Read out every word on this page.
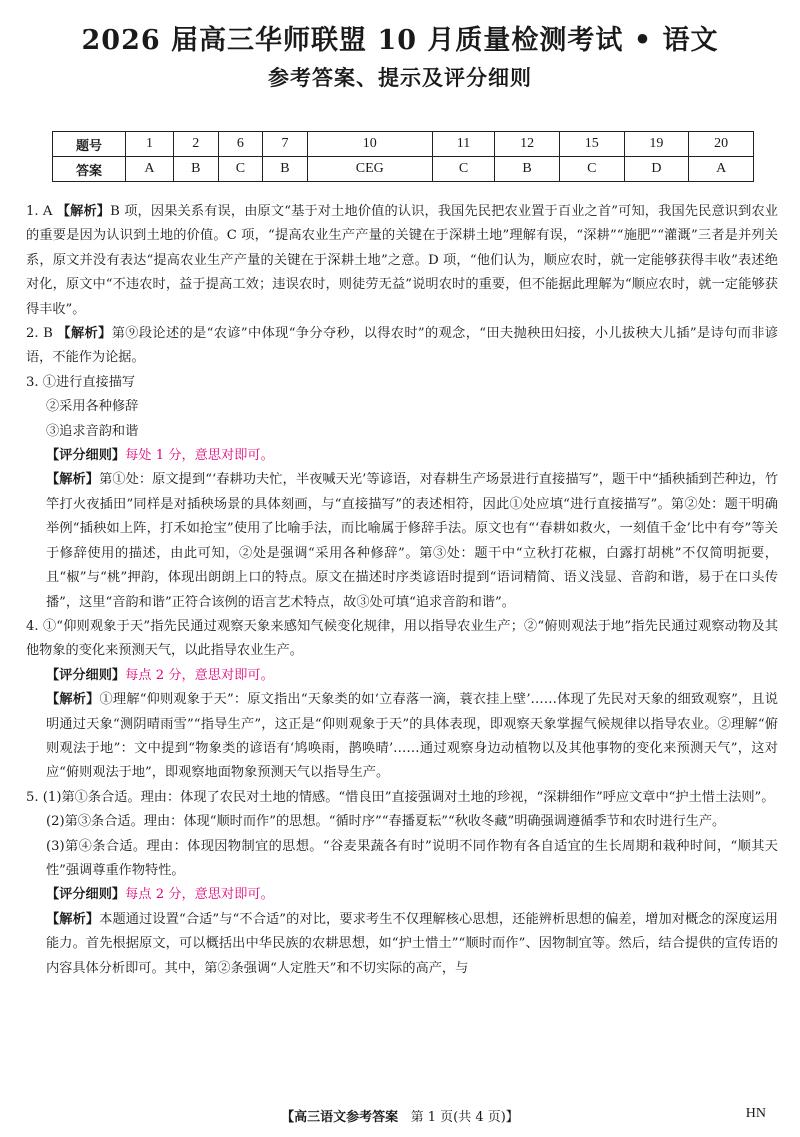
2026 届高三华师联盟 10 月质量检测考试 • 语文
参考答案、提示及评分细则
题号	1	2	6	7	10	11	12	15	19	20
答案	A	B	C	B	CEG	C	B	C	D	A

1. A 【解析】B 项，因果关系有误，由原文“基于对土地价值的认识，我国先民把农业置于百业之首”可知，我国先民意识到农业的重要是因为认识到土地的价值。C 项，“提高农业生产产量的关键在于深耕土地”理解有误，“深耕”“施肥”“灌溉”三者是并列关系，原文并没有表达“提高农业生产产量的关键在于深耕土地”之意。D 项，“他们认为，顺应农时，就一定能够获得丰收”表述绝对化，原文中“不违农时，益于提高工效；违误农时，则徒劳无益”说明农时的重要，但不能据此理解为“顺应农时，就一定能够获得丰收”。

2. B 【解析】第⑨段论述的是“农谚”中体现“争分夺秒，以得农时”的观念，“田夫抛秧田妇接，小儿拔秧大儿插”是诗句而非谚语，不能作为论据。

3. ①进行直接描写

②采用各种修辞

③追求音韵和谐

【评分细则】每处 1 分，意思对即可。

【解析】第①处：原文提到“‘春耕功夫忙，半夜喊天光’等谚语，对春耕生产场景进行直接描写”，题干中“插秧插到芒种边，竹竿打火夜插田”同样是对插秧场景的具体刻画，与“直接描写”的表述相符，因此①处应填“进行直接描写”。第②处：题干明确举例“插秧如上阵，打禾如抢宝”使用了比喻手法，而比喻属于修辞手法。原文也有“‘春耕如救火，一刻值千金’比中有夸”等关于修辞使用的描述，由此可知，②处是强调“采用各种修辞”。第③处：题干中“立秋打花椒，白露打胡桃”不仅简明扼要，且“椒”与“桃”押韵，体现出朗朗上口的特点。原文在描述时序类谚语时提到“语词精简、语义浅显、音韵和谐，易于在口头传播”，这里“音韵和谐”正符合该例的语言艺术特点，故③处可填“追求音韵和谐”。

4. ①“仰则观象于天”指先民通过观察天象来感知气候变化规律，用以指导农业生产；②“俯则观法于地”指先民通过观察动物及其他物象的变化来预测天气，以此指导农业生产。

【评分细则】每点 2 分，意思对即可。

【解析】①理解“仰则观象于天”：原文指出“天象类的如‘立春落一滴，蓑衣挂上壁’……体现了先民对天象的细致观察”，且说明通过天象“测阴晴雨雪”“指导生产”，这正是“仰则观象于天”的具体表现，即观察天象掌握气候规律以指导农业。②理解“俯则观法于地”：文中提到“物象类的谚语有‘鸠唤雨，鹊唤晴’……通过观察身边动植物以及其他事物的变化来预测天气”，这对应“俯则观法于地”，即观察地面物象预测天气以指导生产。

5. (1)第①条合适。理由：体现了农民对土地的情感。“惜良田”直接强调对土地的珍视，“深耕细作”呼应文章中“护土惜土法则”。

(2)第③条合适。理由：体现“顺时而作”的思想。“循时序”“春播夏耘”“秋收冬藏”明确强调遵循季节和农时进行生产。

(3)第④条合适。理由：体现因物制宜的思想。“谷麦果蔬各有时”说明不同作物有各自适宜的生长周期和栽种时间，“顺其天性”强调尊重作物特性。

【评分细则】每点 2 分，意思对即可。

【解析】本题通过设置“合适”与“不合适”的对比，要求考生不仅理解核心思想，还能辨析思想的偏差，增加对概念的深度运用能力。首先根据原文，可以概括出中华民族的农耕思想，如“护土惜土”“顺时而作”、因物制宜等。然后，结合提供的宣传语的内容具体分析即可。其中，第②条强调“人定胜天”和不切实际的高产，与

【高三语文参考答案 第 1 页(共 4 页)】	HN
